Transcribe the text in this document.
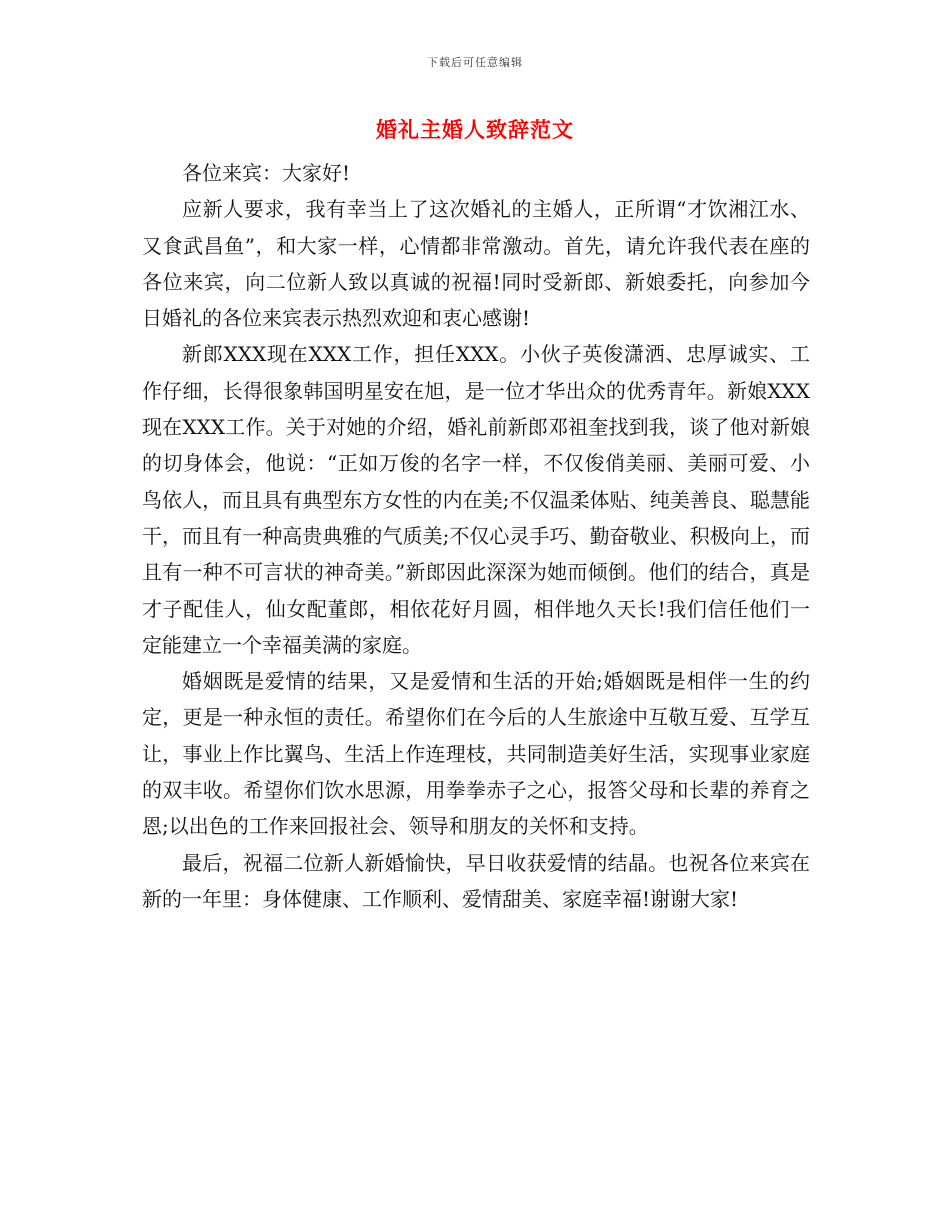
下载后可任意编辑
婚礼主婚人致辞范文

各位来宾：大家好!

应新人要求，我有幸当上了这次婚礼的主婚人，正所谓“才饮湘江水、又食武昌鱼”，和大家一样，心情都非常激动。首先，请允许我代表在座的各位来宾，向二位新人致以真诚的祝福!同时受新郎、新娘委托，向参加今日婚礼的各位来宾表示热烈欢迎和衷心感谢!

新郎XXX现在XXX工作，担任XXX。小伙子英俊潇洒、忠厚诚实、工作仔细，长得很象韩国明星安在旭，是一位才华出众的优秀青年。新娘XXX现在XXX工作。关于对她的介绍，婚礼前新郎邓祖奎找到我，谈了他对新娘的切身体会，他说：“正如万俊的名字一样，不仅俊俏美丽、美丽可爱、小鸟依人，而且具有典型东方女性的内在美;不仅温柔体贴、纯美善良、聪慧能干，而且有一种高贵典雅的气质美;不仅心灵手巧、勤奋敬业、积极向上，而且有一种不可言状的神奇美。”新郎因此深深为她而倾倒。他们的结合，真是才子配佳人，仙女配董郎，相依花好月圆，相伴地久天长!我们信任他们一定能建立一个幸福美满的家庭。

婚姻既是爱情的结果，又是爱情和生活的开始;婚姻既是相伴一生的约定，更是一种永恒的责任。希望你们在今后的人生旅途中互敬互爱、互学互让，事业上作比翼鸟、生活上作连理枝，共同制造美好生活，实现事业家庭的双丰收。希望你们饮水思源，用拳拳赤子之心，报答父母和长辈的养育之恩;以出色的工作来回报社会、领导和朋友的关怀和支持。

最后，祝福二位新人新婚愉快，早日收获爱情的结晶。也祝各位来宾在新的一年里：身体健康、工作顺利、爱情甜美、家庭幸福!谢谢大家!
